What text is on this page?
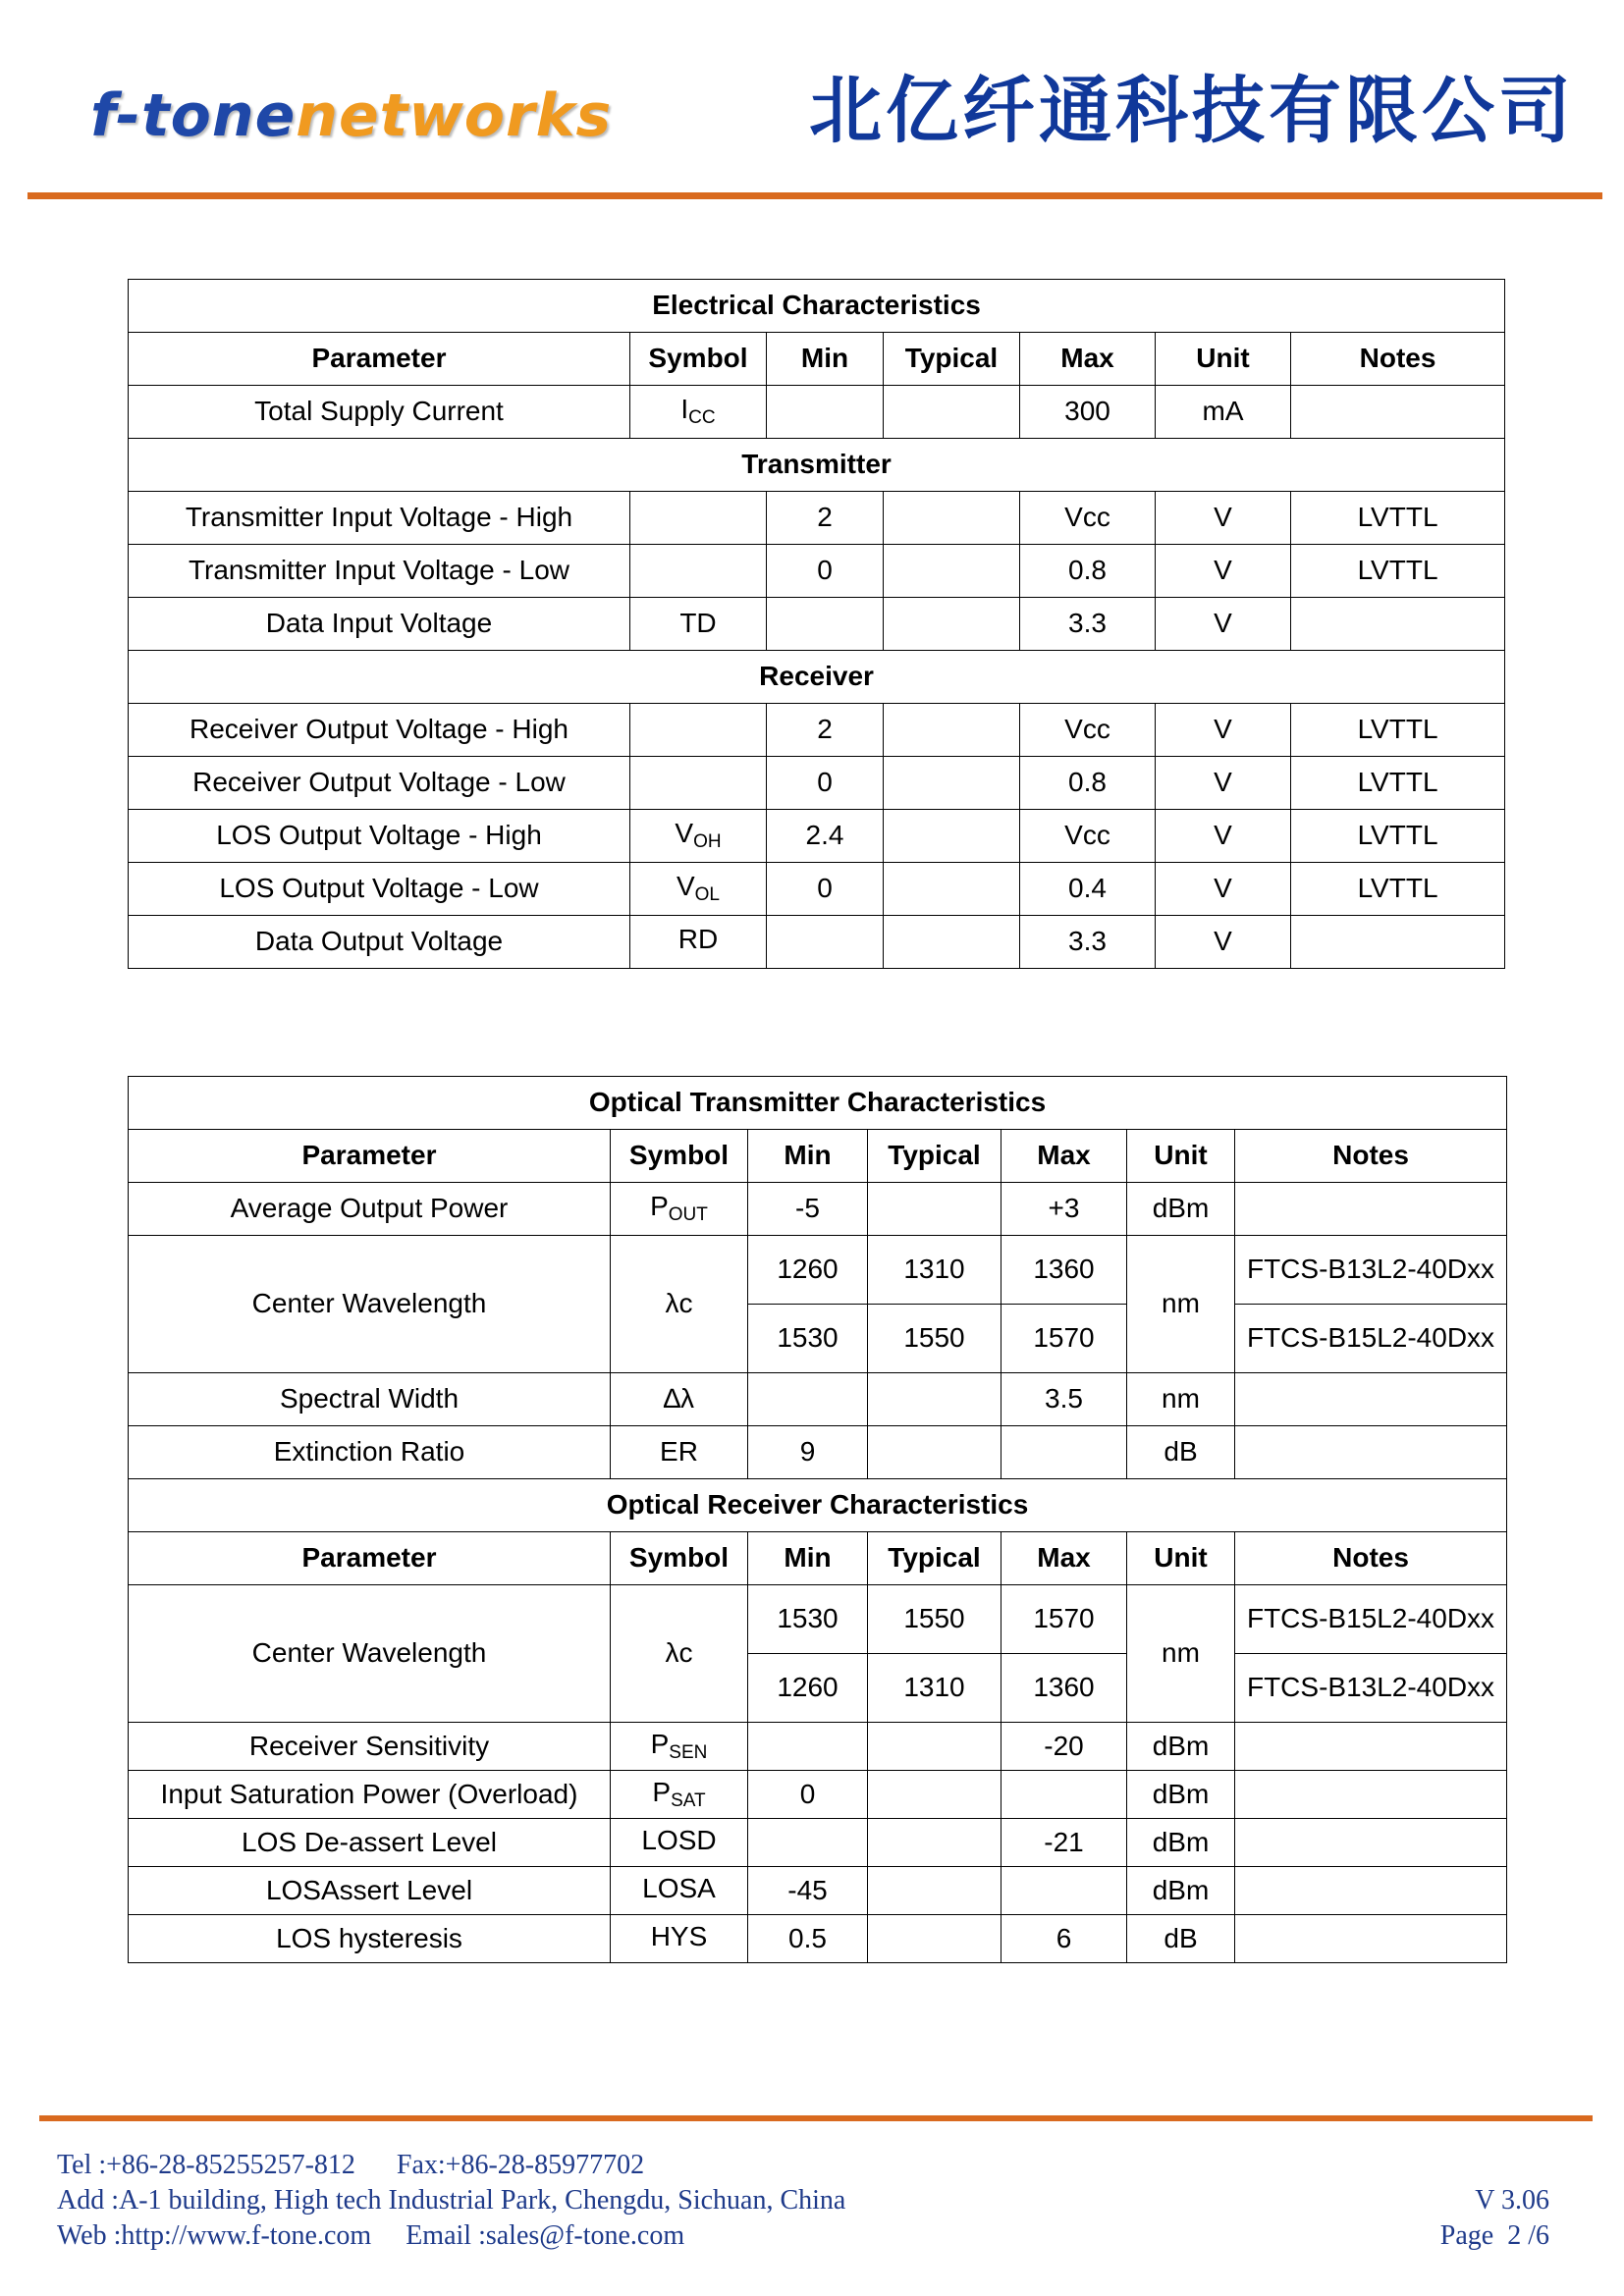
f-tonenetworks	北亿纤通科技有限公司
Electrical Characteristics						
Parameter	Symbol	Min	Typical	Max	Unit	Notes
Total Supply Current	$I_{CC}$			300	mA	
Transmitter						
Transmitter Input Voltage - High		2		Vcc	V	LVTTL
Transmitter Input Voltage - Low		0		0.8	V	LVTTL
Data Input Voltage	TD			3.3	V	
Receiver						
Receiver Output Voltage - High		2		Vcc	V	LVTTL
Receiver Output Voltage - Low		0		0.8	V	LVTTL
LOS Output Voltage - High	$V_{OH}$	2.4		Vcc	V	LVTTL
LOS Output Voltage - Low	$V_{OL}$	0		0.4	V	LVTTL
Data Output Voltage	RD			3.3	V	
Optical Transmitter Characteristics						
Parameter	Symbol	Min	Typical	Max	Unit	Notes
Average Output Power	$P_{OUT}$	-5		+3	dBm	
Center Wavelength	λc	1260	1310	1360	nm	FTCS-B13L2-40Dxx
		1530	1550	1570		FTCS-B15L2-40Dxx
Spectral Width	∆λ			3.5	nm	
Extinction Ratio	ER	9			dB	
Optical Receiver Characteristics						
Parameter	Symbol	Min	Typical	Max	Unit	Notes
Center Wavelength	λc	1530	1550	1570	nm	FTCS-B15L2-40Dxx
		1260	1310	1360		FTCS-B13L2-40Dxx
Receiver Sensitivity	$P_{SEN}$			-20	dBm	
Input Saturation Power (Overload)	$P_{SAT}$	0			dBm	
LOS De-assert Level	LOSD			-21	dBm	
LOSAssert Level	LOSA	-45			dBm	
LOS hysteresis	HYS	0.5		6	dB	
Tel :+86-28-85255257-812 Fax:+86-28-85977702
Add :A-1 building, High tech Industrial Park, Chengdu, Sichuan, China
Web :http://www.f-tone.com Email :sales@f-tone.com
V 3.06
Page 2 /6
